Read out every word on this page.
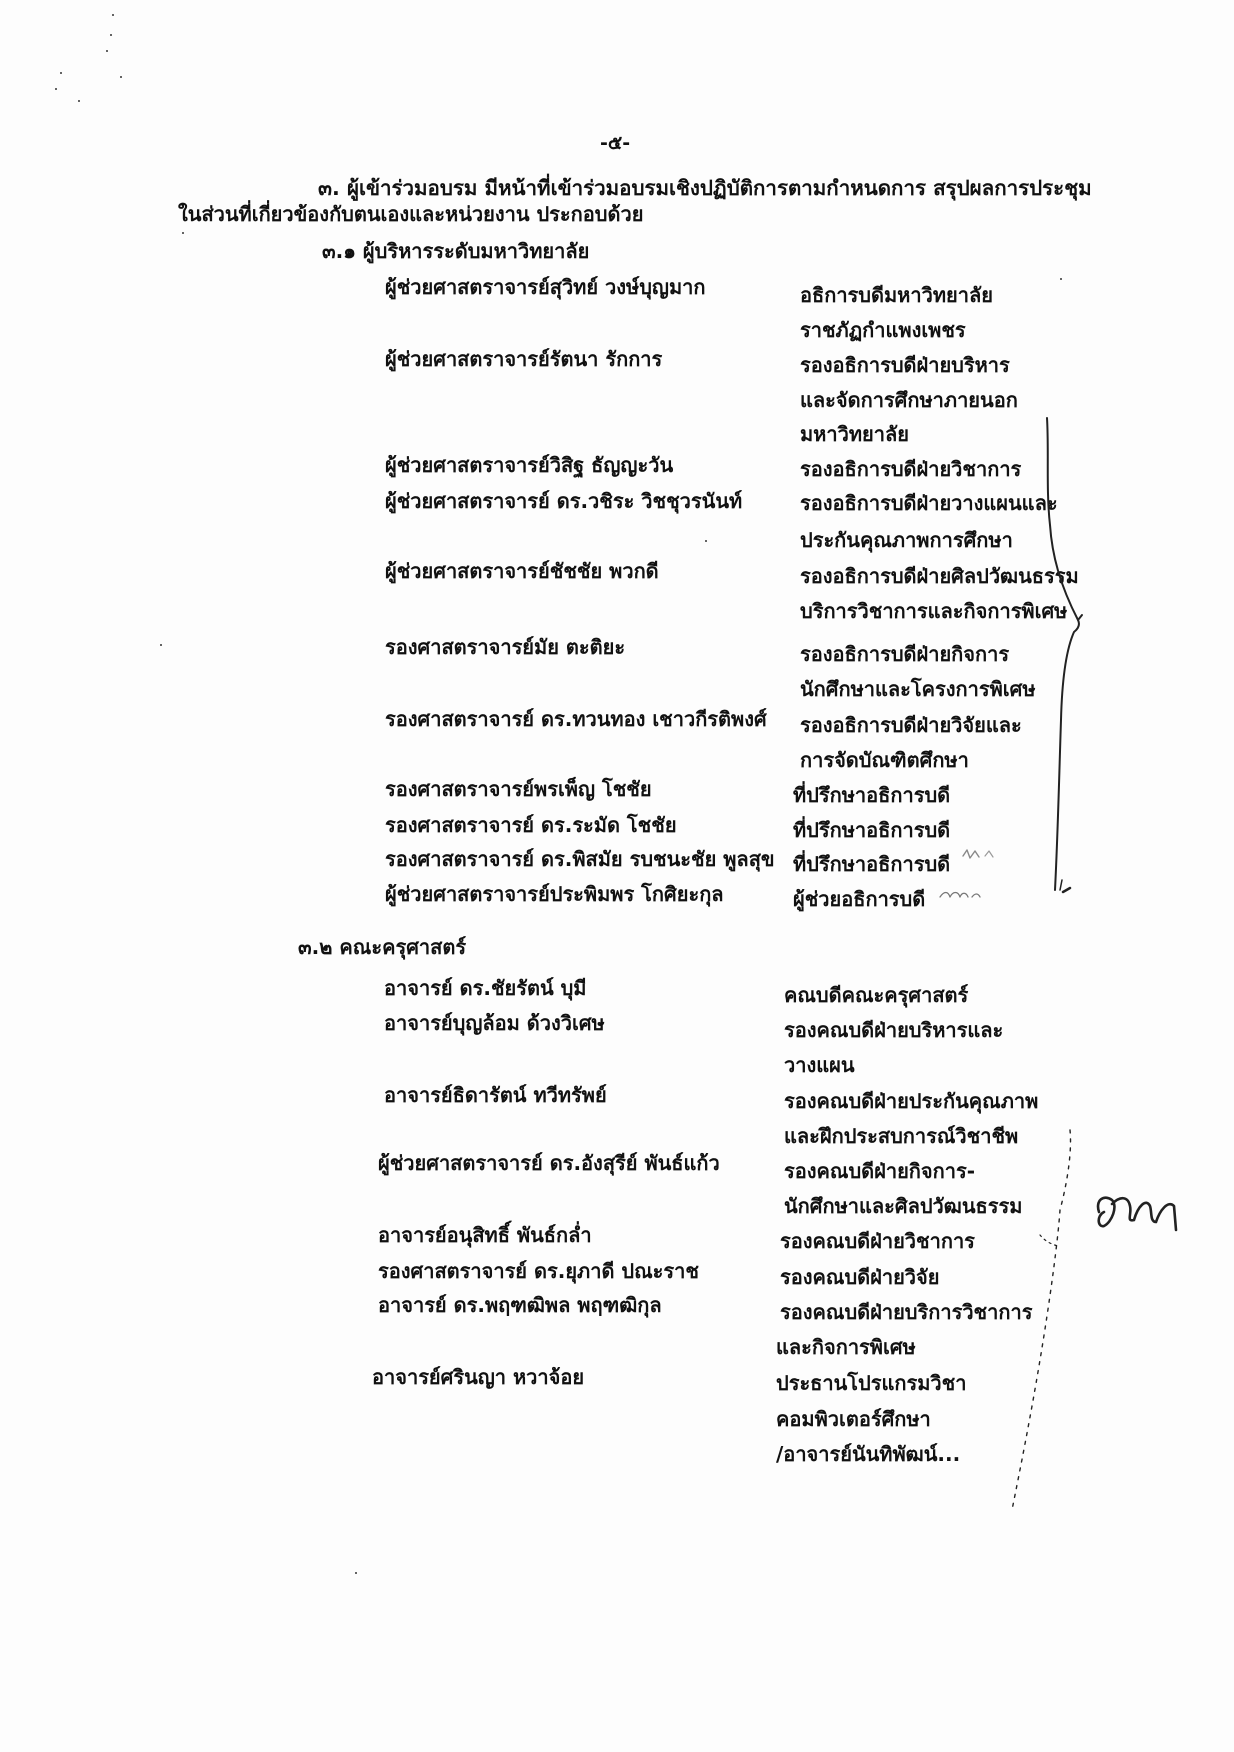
-๕-
๓. ผู้เข้าร่วมอบรม มีหน้าที่เข้าร่วมอบรมเชิงปฏิบัติการตามกำหนดการ สรุปผลการประชุม
ในส่วนที่เกี่ยวข้องกับตนเองและหน่วยงาน ประกอบด้วย
๓.๑ ผู้บริหารระดับมหาวิทยาลัย
ผู้ช่วยศาสตราจารย์สุวิทย์ วงษ์บุญมาก
ผู้ช่วยศาสตราจารย์รัตนา รักการ
ผู้ช่วยศาสตราจารย์วิสิฐ ธัญญะวัน
ผู้ช่วยศาสตราจารย์ ดร.วชิระ วิชชุวรนันท์
ผู้ช่วยศาสตราจารย์ชัชชัย พวกดี
รองศาสตราจารย์มัย ตะติยะ
รองศาสตราจารย์ ดร.ทวนทอง เชาวกีรติพงศ์
รองศาสตราจารย์พรเพ็ญ โชชัย
รองศาสตราจารย์ ดร.ระมัด โชชัย
รองศาสตราจารย์ ดร.พิสมัย รบชนะชัย พูลสุข
ผู้ช่วยศาสตราจารย์ประพิมพร โกศิยะกุล
อธิการบดีมหาวิทยาลัย
ราชภัฏกำแพงเพชร
รองอธิการบดีฝ่ายบริหาร
และจัดการศึกษาภายนอก
มหาวิทยาลัย
รองอธิการบดีฝ่ายวิชาการ
รองอธิการบดีฝ่ายวางแผนและ
ประกันคุณภาพการศึกษา
รองอธิการบดีฝ่ายศิลปวัฒนธรรม
บริการวิชาการและกิจการพิเศษ
รองอธิการบดีฝ่ายกิจการ
นักศึกษาและโครงการพิเศษ
รองอธิการบดีฝ่ายวิจัยและ
การจัดบัณฑิตศึกษา
ที่ปรึกษาอธิการบดี
ที่ปรึกษาอธิการบดี
ที่ปรึกษาอธิการบดี
ผู้ช่วยอธิการบดี
๓.๒ คณะครุศาสตร์
อาจารย์ ดร.ชัยรัตน์ บุมี
อาจารย์บุญล้อม ด้วงวิเศษ
อาจารย์ธิดารัตน์ ทวีทรัพย์
ผู้ช่วยศาสตราจารย์ ดร.อังสุรีย์ พันธ์แก้ว
อาจารย์อนุสิทธิ์ พันธ์กล่ำ
รองศาสตราจารย์ ดร.ยุภาดี ปณะราช
อาจารย์ ดร.พฤฑฒิพล พฤฑฒิกุล
อาจารย์ศรินญา หวาจ้อย
คณบดีคณะครุศาสตร์
รองคณบดีฝ่ายบริหารและ
วางแผน
รองคณบดีฝ่ายประกันคุณภาพ
และฝึกประสบการณ์วิชาชีพ
รองคณบดีฝ่ายกิจการ-
นักศึกษาและศิลปวัฒนธรรม
รองคณบดีฝ่ายวิชาการ
รองคณบดีฝ่ายวิจัย
รองคณบดีฝ่ายบริการวิชาการ
และกิจการพิเศษ
ประธานโปรแกรมวิชา
คอมพิวเตอร์ศึกษา
/อาจารย์นันทิพัฒน์...
